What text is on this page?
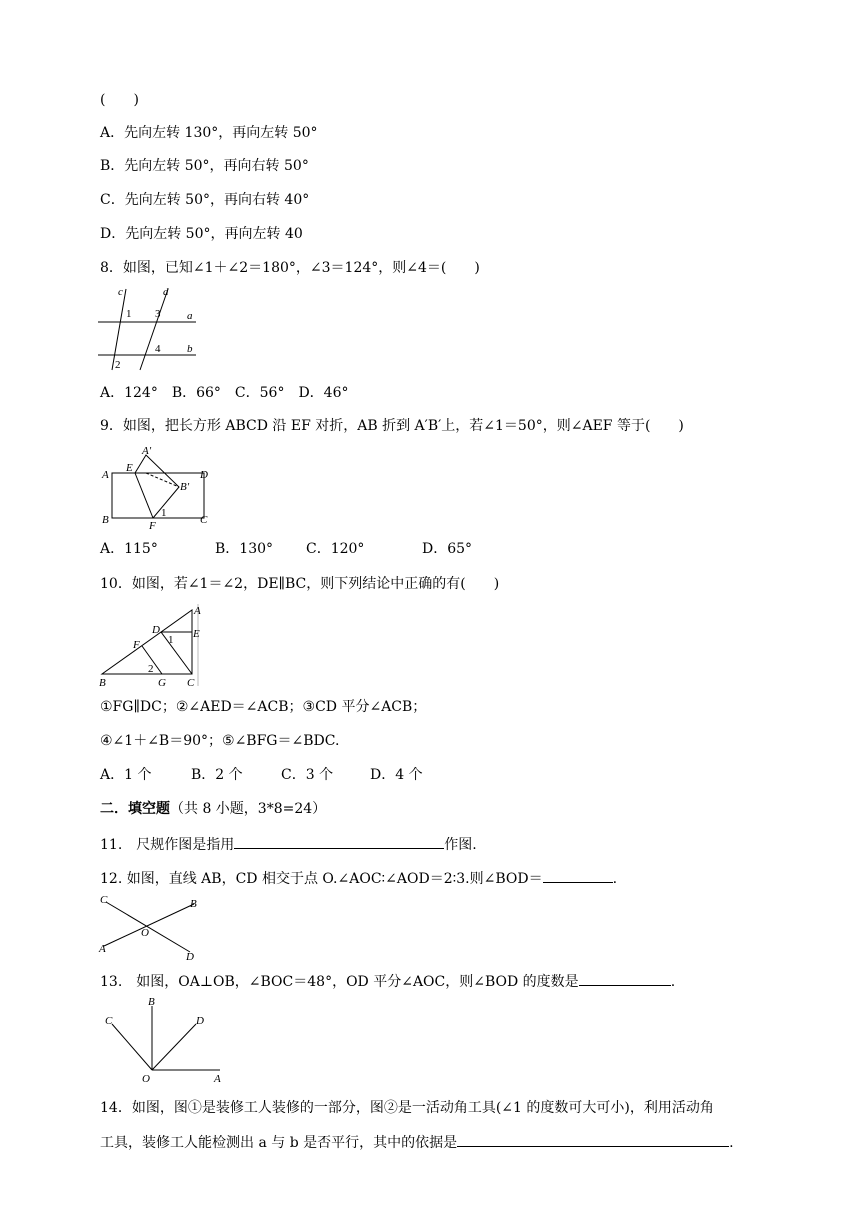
(　　)
A．先向左转 130°，再向左转 50°
B．先向左转 50°，再向右转 50°
C．先向左转 50°，再向右转 40°
D．先向左转 50°，再向左转 40
8．如图，已知∠1＋∠2＝180°，∠3＝124°，则∠4＝(　　)
c	d
a
b
1
2
3
4
A．124°　B．66°　C．56°　D．46°
9．如图，把长方形 ABCD 沿 EF 对折，AB 折到 A′B′上，若∠1＝50°，则∠AEF 等于(　　)
A
A′
B
B′
C
D
E
F
1
A．115°	B．130° C．120°	D．65°
10．如图，若∠1＝∠2，DE∥BC，则下列结论中正确的有(　　)
A
B	C
D	E
F
G
1
2
①FG∥DC；②∠AED＝∠ACB；③CD 平分∠ACB；
④∠1＋∠B＝90°；⑤∠BFG＝∠BDC.
A．1 个	B．2 个	C．3 个	D．4 个
二．填空题（共 8 小题，3*8=24）
11.　尺规作图是指用	作图.
12. 如图，直线 AB，CD 相交于点 O.∠AOC∶∠AOD＝2∶3.则∠BOD＝	.
C	B
A
D
O
13.　如图，OA⊥OB，∠BOC＝48°，OD 平分∠AOC，则∠BOD 的度数是	.
B
C	D
A
O
14．如图，图①是装修工人装修的一部分，图②是一活动角工具(∠1 的度数可大可小)，利用活动角
工具，装修工人能检测出 a 与 b 是否平行，其中的依据是	.
